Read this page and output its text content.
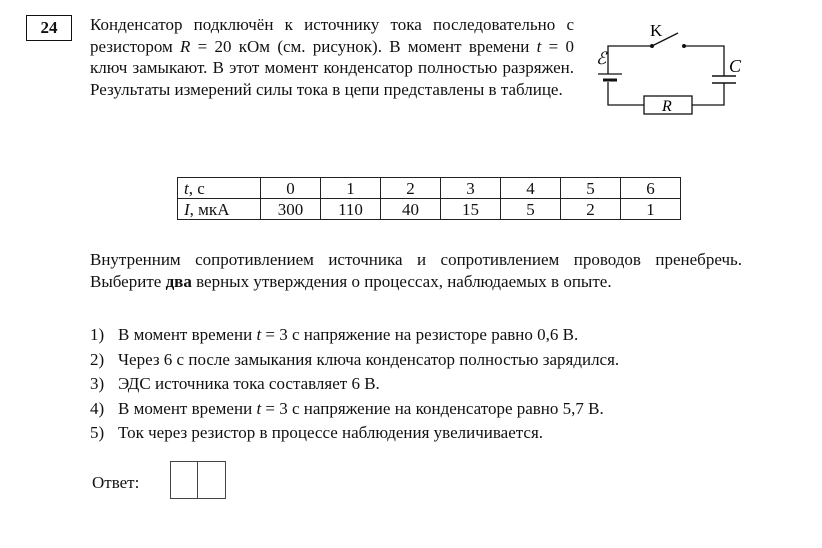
24	Конденсатор подключён к источнику тока последовательно с резистором R = 20 кОм (см. рисунок). В момент времени t = 0 ключ замыкают. В этот момент конденсатор полностью разряжен. Результаты измерений силы тока в цепи представлены в таблице.
K
ℰ	C
R
t, с	0	1	2	3	4	5	6
I, мкА	300	110	40	15	5	2	1
Внутренним сопротивлением источника и сопротивлением проводов пренебречь. Выберите два верных утверждения о процессах, наблюдаемых в опыте.
1) В момент времени t = 3 с напряжение на резисторе равно 0,6 В.
2) Через 6 с после замыкания ключа конденсатор полностью зарядился.
3) ЭДС источника тока составляет 6 В.
4) В момент времени t = 3 с напряжение на конденсаторе равно 5,7 В.
5) Ток через резистор в процессе наблюдения увеличивается.
Ответ:
